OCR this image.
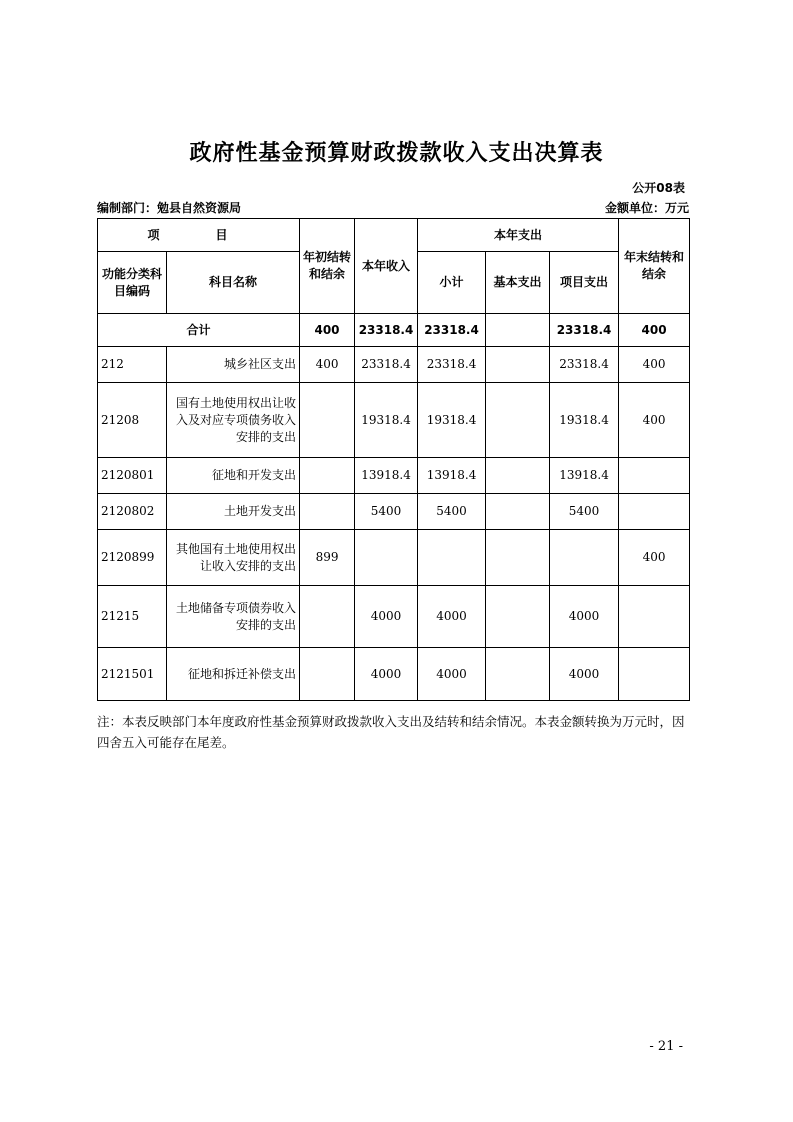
政府性基金预算财政拨款收入支出决算表
公开08表
编制部门：勉县自然资源局	金额单位：万元
项　目		年初结转和结余	本年收入	本年支出			年末结转和结余
功能分类科目编码	科目名称			小计	基本支出	项目支出	
合计		400	23318.4	23318.4		23318.4	400
212	城乡社区支出	400	23318.4	23318.4		23318.4	400
21208	国有土地使用权出让收入及对应专项债务收入安排的支出		19318.4	19318.4		19318.4	400
2120801	征地和开发支出		13918.4	13918.4		13918.4	
2120802	土地开发支出		5400	5400		5400	
2120899	其他国有土地使用权出让收入安排的支出	899					400
21215	土地储备专项债券收入安排的支出		4000	4000		4000	
2121501	征地和拆迁补偿支出		4000	4000		4000	
注：本表反映部门本年度政府性基金预算财政拨款收入支出及结转和结余情况。本表金额转换为万元时，因四舍五入可能存在尾差。
- 21 -
